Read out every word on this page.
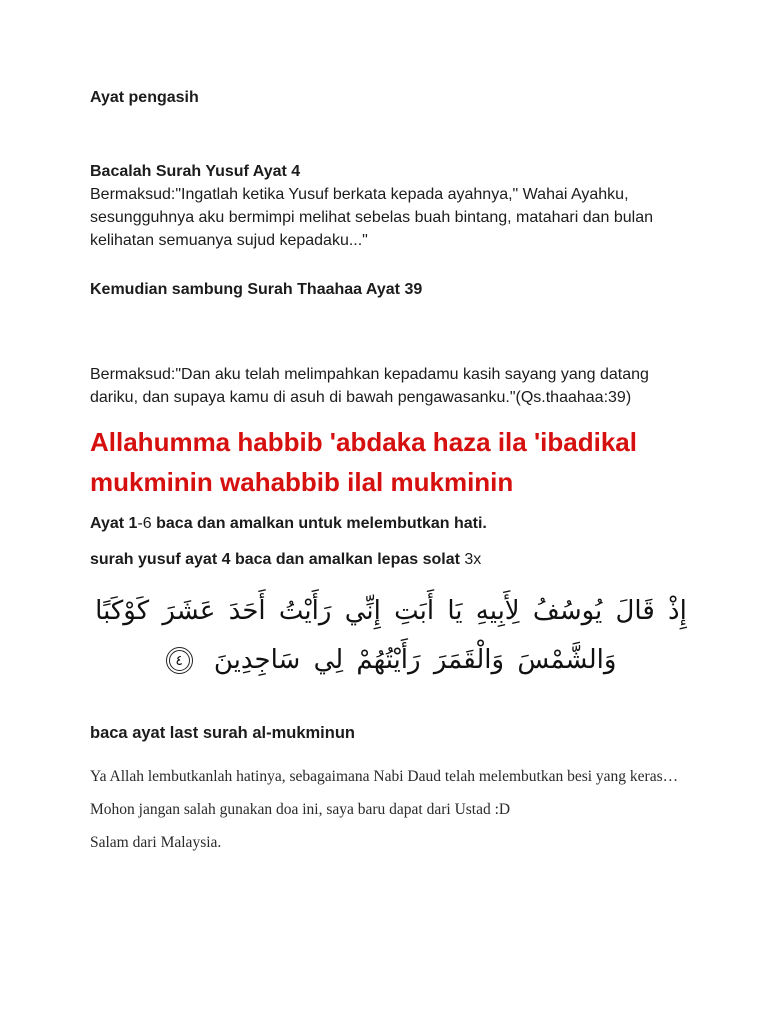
Ayat pengasih

Bacalah Surah Yusuf Ayat 4

Bermaksud:"Ingatlah ketika Yusuf berkata kepada ayahnya," Wahai Ayahku, sesungguhnya aku bermimpi melihat sebelas buah bintang, matahari dan bulan kelihatan semuanya sujud kepadaku..."

Kemudian sambung Surah Thaahaa Ayat 39

Bermaksud:"Dan aku telah melimpahkan kepadamu kasih sayang yang datang dariku, dan supaya kamu di asuh di bawah pengawasanku."(Qs.thaahaa:39)

Allahumma habbib 'abdaka haza ila 'ibadikal mukminin wahabbib ilal mukminin

Ayat 1-6 baca dan amalkan untuk melembutkan hati.

surah yusuf ayat 4 baca dan amalkan lepas solat 3x

إِذْ قَالَ يُوسُفُ لِأَبِيهِ يَا أَبَتِ إِنِّي رَأَيْتُ أَحَدَ عَشَرَ كَوْكَبًا
وَالشَّمْسَ وَالْقَمَرَ رَأَيْتُهُمْ لِي سَاجِدِينَ ٤

baca ayat last surah al-mukminun

Ya Allah lembutkanlah hatinya, sebagaimana Nabi Daud telah melembutkan besi yang keras…

Mohon jangan salah gunakan doa ini, saya baru dapat dari Ustad :D

Salam dari Malaysia.
